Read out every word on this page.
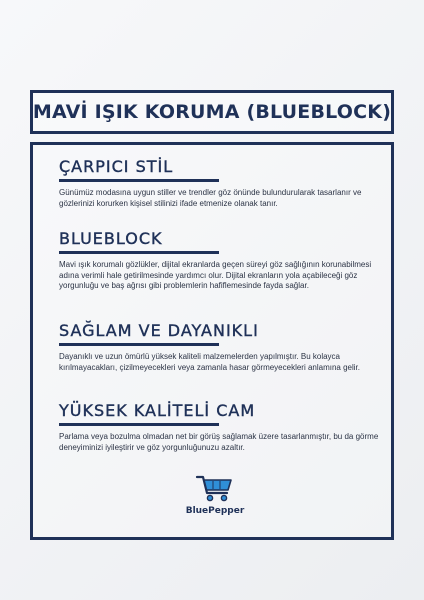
MAVİ IŞIK KORUMA (BLUEBLOCK)
ÇARPICI STİL

Günümüz modasına uygun stiller ve trendler göz önünde bulundurularak tasarlanır ve gözlerinizi korurken kişisel stilinizi ifade etmenize olanak tanır.

BLUEBLOCK

Mavi ışık korumalı gözlükler, dijital ekranlarda geçen süreyi göz sağlığının korunabilmesi adına verimli hale getirilmesinde yardımcı olur. Dijital ekranların yola açabileceği göz yorgunluğu ve baş ağrısı gibi problemlerin hafiflemesinde fayda sağlar.

SAĞLAM VE DAYANIKLI

Dayanıklı ve uzun ömürlü yüksek kaliteli malzemelerden yapılmıştır. Bu kolayca kırılmayacakları, çizilmeyecekleri veya zamanla hasar görmeyecekleri anlamına gelir.

YÜKSEK KALİTELİ CAM

Parlama veya bozulma olmadan net bir görüş sağlamak üzere tasarlanmıştır, bu da görme deneyiminizi iyileştirir ve göz yorgunluğunuzu azaltır.

BluePepper
